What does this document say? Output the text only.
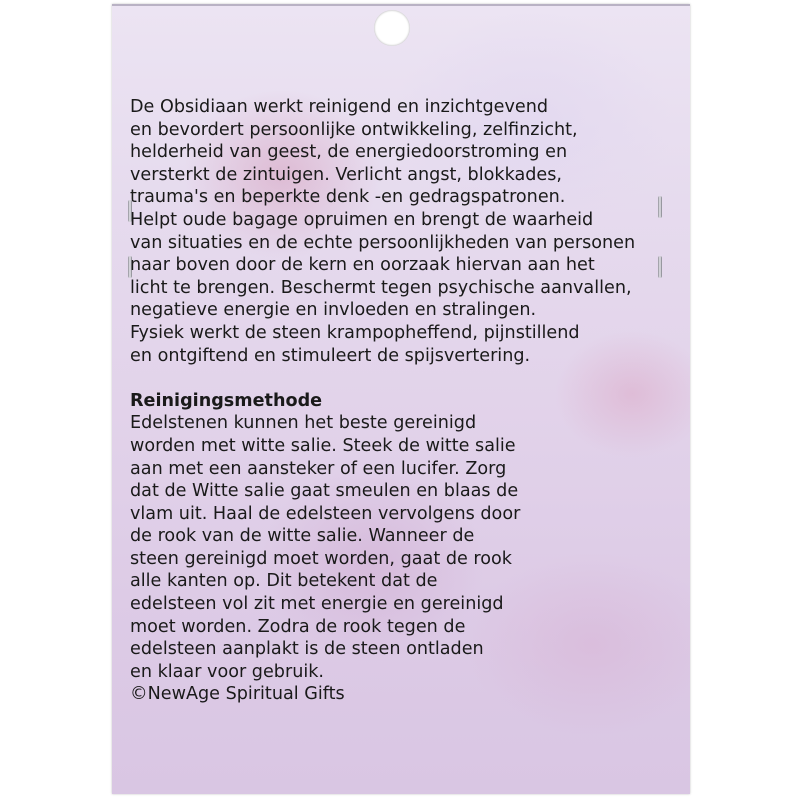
De Obsidiaan werkt reinigend en inzichtgevend
en bevordert persoonlijke ontwikkeling, zelfinzicht,
helderheid van geest, de energiedoorstroming en
versterkt de zintuigen. Verlicht angst, blokkades,
trauma's en beperkte denk -en gedragspatronen.
Helpt oude bagage opruimen en brengt de waarheid
van situaties en de echte persoonlijkheden van personen
naar boven door de kern en oorzaak hiervan aan het
licht te brengen. Beschermt tegen psychische aanvallen,
negatieve energie en invloeden en stralingen.
Fysiek werkt de steen krampopheffend, pijnstillend
en ontgiftend en stimuleert de spijsvertering.
Reinigingsmethode
Edelstenen kunnen het beste gereinigd
worden met witte salie. Steek de witte salie
aan met een aansteker of een lucifer. Zorg
dat de Witte salie gaat smeulen en blaas de
vlam uit. Haal de edelsteen vervolgens door
de rook van de witte salie. Wanneer de
steen gereinigd moet worden, gaat de rook
alle kanten op. Dit betekent dat de
edelsteen vol zit met energie en gereinigd
moet worden. Zodra de rook tegen de
edelsteen aanplakt is de steen ontladen
en klaar voor gebruik.
©NewAge Spiritual Gifts
